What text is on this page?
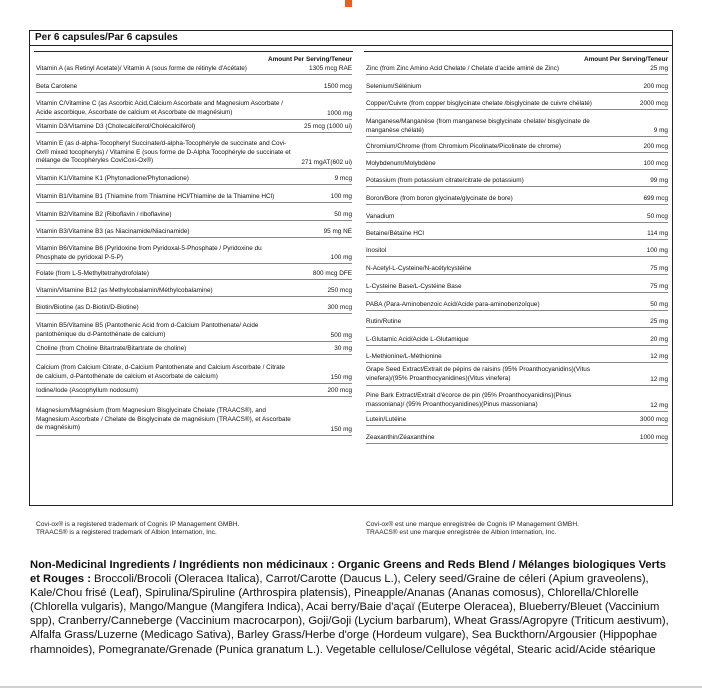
Per 6 capsules/Par 6 capsules
Amount Per Serving/Teneur
Vitamin A (as Retinyl Acetate)/ Vitamin A (sous forme de rétinyle d'Acétate)	1305 mcg RAE
Beta Carotene	1500 mcg
Vitamin C/Vitamine C (as Ascorbic Acid,Calcium Ascorbate and Magnesium Ascorbate / Acide ascorbique, Ascorbate de calcium et Ascorbate de magnésium)	1000 mg
Vitamin D3/Vitamine D3 (Cholecalciferol/Cholécalciférol)	25 mcg (1000 ui)
Vitamin E (as d-alpha-Tocopheryl Succinate/d-alpha-Tocophéryle de succinate and Covi-Ox® mixed tocopheryls) / Vitamine E (sous forme de D-Alpha Tocophéryle de succinate et mélange de Tocophéryles CoviCoxi-Ox®)	271 mgAT(602 ui)
Vitamin K1/Vitamine K1 (Phytonadione/Phytonadione)	9 mcg
Vitamin B1/Vitamine B1 (Thiamine from Thiamine HCl/Thiamine de la Thiamine HCl)	100 mg
Vitamin B2/Vitamine B2 (Riboflavin / riboflavine)	50 mg
Vitamin B3/Vitamine B3 (as Niacinamide/Niacinamide)	95 mg NE
Vitamin B6/Vitamine B6 (Pyridoxine from Pyridoxal-5-Phosphate / Pyridoxine du Phosphate de pyridoxal P-5-P)	100 mg
Folate (from L-5-Methyltetrahydrofolate)	800 mcg DFE
Vitamin/Vitamine B12 (as Methylcobalamin/Méthylcobalamine)	250 mcg
Biotin/Biotine (as D-Biotin/D-Biotine)	300 mcg
Vitamin B5/Vitamine B5 (Pantothenic Acid from d-Calcium Pantothenate/ Acide pantothénique du d-Pantothénate de calcium)	500 mg
Choline (from Choline Bitartrate/Bitartrate de choline)	30 mg
Calcium (from Calcium Citrate, d-Calcium Pantothenate and Calcium Ascorbate / Citrate de calcium, d-Pantothénate de calcium et Ascorbate de calcium)	150 mg
Iodine/Iode (Ascophyllum nodosum)	200 mcg
Magnesium/Magnésium (from Magnesium Bisglycinate Chelate (TRAACS®), and Magnesium Ascorbate / Chelate de Bisglycinate de magnésium (TRAACS®), et Ascorbate de magnésium)	150 mg
Amount Per Serving/Teneur
Zinc (from Zinc Amino Acid Chelate / Chelate d'acide aminé de Zinc)	25 mg
Selenium/Sélénium	200 mcg
Copper/Cuivre (from copper bisglycinate chelate /bisglycinate de cuivre chélaté)	2000 mcg
Manganese/Manganèse (from manganese bisglycinate chelate/ bisglycinate de manganèse chélaté)	9 mg
Chromium/Chrome (from Chromium Picolinate/Picolinate de chrome)	200 mcg
Molybdenum/Molybdène	100 mcg
Potassium (from potassium citrate/citrate de potassium)	99 mg
Boron/Bore (from boron glycinate/glycinate de bore)	699 mcg
Vanadium	50 mcg
Betaine/Bétaïne HCl	114 mg
Inositol	100 mg
N-Acetyl-L-Cysteine/N-acétylcystéine	75 mg
L-Cysteine Base/L-Cystéine Base	75 mg
PABA (Para-Aminobenzoic Acid/Acide para-aminobenzoïque)	50 mg
Rutin/Rutine	25 mg
L-Glutamic Acid/Acide L-Glutamique	20 mg
L-Methionine/L-Méthionine	12 mg
Grape Seed Extract/Extrait de pépins de raisins (95% Proanthocyanidins)(Vitus vinefera)/(95% Proanthocyanidines)(Vitus vinefera)	12 mg
Pine Bark Extract/Extrait d'écorce de pin (95% Proanthocyanidins)(Pinus massoniana)/ (95% Proanthocyanidines)(Pinus massoniana)	12 mg
Lutein/Lutéine	3000 mcg
Zeaxanthin/Zéaxanthine	1000 mcg
Covi-ox® is a registered trademark of Cognis IP Management GMBH.
TRAACS® is a registered trademark of Albion Internation, Inc.
Covi-ox® est une marque enregistrée de Cognis IP Management GMBH.
TRAACS® est une marque enregistrée de Albion Internation, Inc.
Non-Medicinal Ingredients / Ingrédients non médicinaux : Organic Greens and Reds Blend / Mélanges biologiques Verts et Rouges : Broccoli/Brocoli (Oleracea Italica), Carrot/Carotte (Daucus L.), Celery seed/Graine de céleri (Apium graveolens), Kale/Chou frisé (Leaf), Spirulina/Spiruline (Arthrospira platensis), Pineapple/Ananas (Ananas comosus), Chlorella/Chlorelle (Chlorella vulgaris), Mango/Mangue (Mangifera Indica), Acai berry/Baie d'açaï (Euterpe Oleracea), Blueberry/Bleuet (Vaccinium spp), Cranberry/Canneberge (Vaccinium macrocarpon), Goji/Goji (Lycium barbarum), Wheat Grass/Agropyre (Triticum aestivum), Alfalfa Grass/Luzerne (Medicago Sativa), Barley Grass/Herbe d'orge (Hordeum vulgare), Sea Buckthorn/Argousier (Hippophae rhamnoides), Pomegranate/Grenade (Punica granatum L.). Vegetable cellulose/Cellulose végétal, Stearic acid/Acide stéarique
